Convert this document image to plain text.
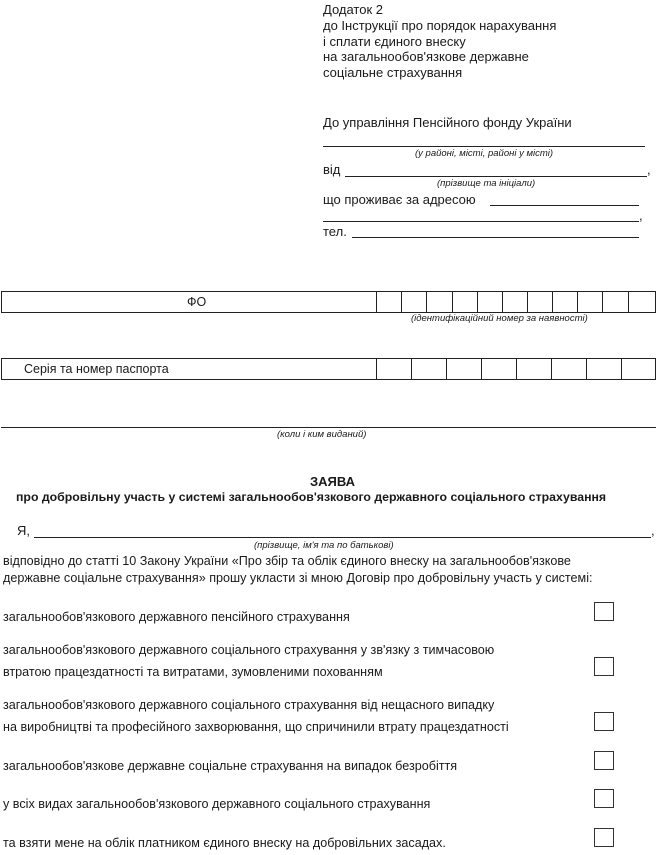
Додаток 2
до Інструкції про порядок нарахування
і сплати єдиного внеску
на загальнообов'язкове державне
соціальне страхування
До управління Пенсійного фонду України
(у районі, місті, районі у місті)
від	,
(прізвище та ініціали)
що проживає за адресою
,
тел.
ФО
(ідентифікаційний номер за наявності)
Серія та номер паспорта
(коли і ким виданий)
ЗАЯВА
про добровільну участь у системі загальнообов'язкового державного соціального страхування
Я,	,
(прізвище, ім'я та по батькові)
відповідно до статті 10 Закону України «Про збір та облік єдиного внеску на загальнообов'язкове
державне соціальне страхування» прошу укласти зі мною Договір про добровільну участь у системі:
загальнообов'язкового державного пенсійного страхування
загальнообов'язкового державного соціального страхування у зв'язку з тимчасовою
втратою працездатності та витратами, зумовленими похованням
загальнообов'язкового державного соціального страхування від нещасного випадку
на виробництві та професійного захворювання, що спричинили втрату працездатності
загальнообов'язкове державне соціальне страхування на випадок безробіття
у всіх видах загальнообов'язкового державного соціального страхування
та взяти мене на облік платником єдиного внеску на добровільних засадах.
